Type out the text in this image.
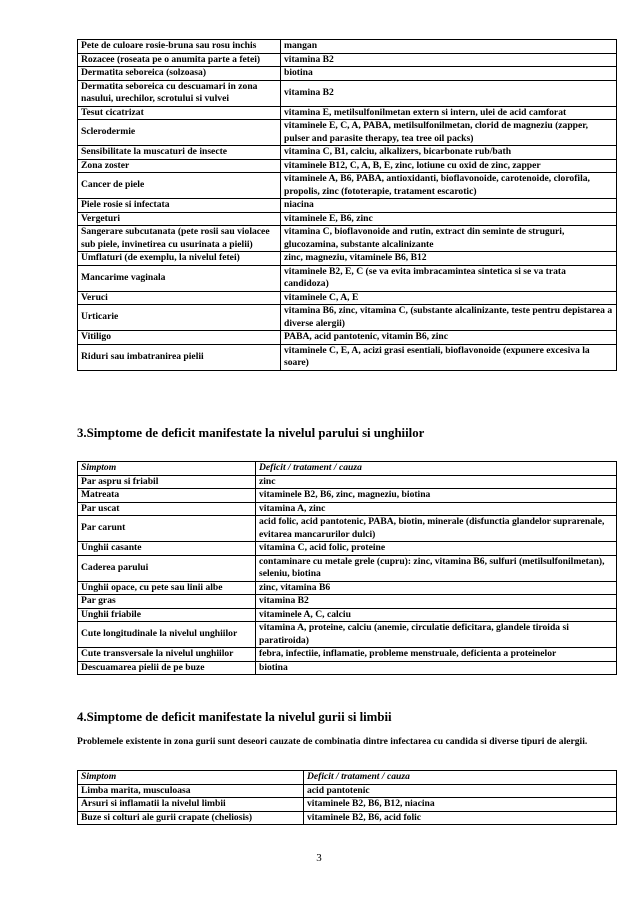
Pete de culoare rosie-bruna sau rosu inchis	mangan
Rozacee (roseata pe o anumita parte a fetei)	vitamina B2
Dermatita seboreica (solzoasa)	biotina
Dermatita seboreica cu descuamari in zona nasului, urechilor, scrotului si vulvei	vitamina B2
Tesut cicatrizat	vitamina E, metilsulfonilmetan extern si intern, ulei de acid camforat
Sclerodermie	vitaminele E, C, A, PABA, metilsulfonilmetan, clorid de magneziu (zapper, pulser and parasite therapy, tea tree oil packs)
Sensibilitate la muscaturi de insecte	vitamina C, B1, calciu, alkalizers, bicarbonate rub/bath
Zona zoster	vitaminele B12, C, A, B, E, zinc, lotiune cu oxid de zinc, zapper
Cancer de piele	vitaminele A, B6, PABA, antioxidanti, bioflavonoide, carotenoide, clorofila, propolis, zinc (fototerapie, tratament escarotic)
Piele rosie si infectata	niacina
Vergeturi	vitaminele E, B6, zinc
Sangerare subcutanata (pete rosii sau violacee sub piele, invinetirea cu usurinata a pielii)	vitamina C, bioflavonoide and rutin, extract din seminte de struguri, glucozamina, substante alcalinizante
Umflaturi (de exemplu, la nivelul fetei)	zinc, magneziu, vitaminele B6, B12
Mancarime vaginala	vitaminele B2, E, C (se va evita imbracamintea sintetica si se va trata candidoza)
Veruci	vitaminele C, A, E
Urticarie	vitamina B6, zinc, vitamina C, (substante alcalinizante, teste pentru depistarea a diverse alergii)
Vitiligo	PABA, acid pantotenic, vitamin B6, zinc
Riduri sau imbatranirea pielii	vitaminele C, E, A, acizi grasi esentiali, bioflavonoide (expunere excesiva la soare)
3.Simptome de deficit manifestate la nivelul parului si unghiilor
Simptom	Deficit / tratament / cauza
Par aspru si friabil	zinc
Matreata	vitaminele B2, B6, zinc, magneziu, biotina
Par uscat	vitamina A, zinc
Par carunt	acid folic, acid pantotenic, PABA, biotin, minerale (disfunctia glandelor suprarenale, evitarea mancarurilor dulci)
Unghii casante	vitamina C, acid folic, proteine
Caderea parului	contaminare cu metale grele (cupru): zinc, vitamina B6, sulfuri (metilsulfonilmetan), seleniu, biotina
Unghii opace, cu pete sau linii albe	zinc, vitamina B6
Par gras	vitamina B2
Unghii friabile	vitaminele A, C, calciu
Cute longitudinale la nivelul unghiilor	vitamina A, proteine, calciu (anemie, circulatie deficitara, glandele tiroida si paratiroida)
Cute transversale la nivelul unghiilor	febra, infectiie, inflamatie, probleme menstruale, deficienta a proteinelor
Descuamarea pielii de pe buze	biotina
4.Simptome de deficit manifestate la nivelul gurii si limbii

Problemele existente in zona gurii sunt deseori cauzate de combinatia dintre infectarea cu candida si diverse tipuri de alergii.

Simptom	Deficit / tratament / cauza
Limba marita, musculoasa	acid pantotenic
Arsuri si inflamatii la nivelul limbii	vitaminele B2, B6, B12, niacina
Buze si colturi ale gurii crapate (cheliosis)	vitaminele B2, B6, acid folic
3
